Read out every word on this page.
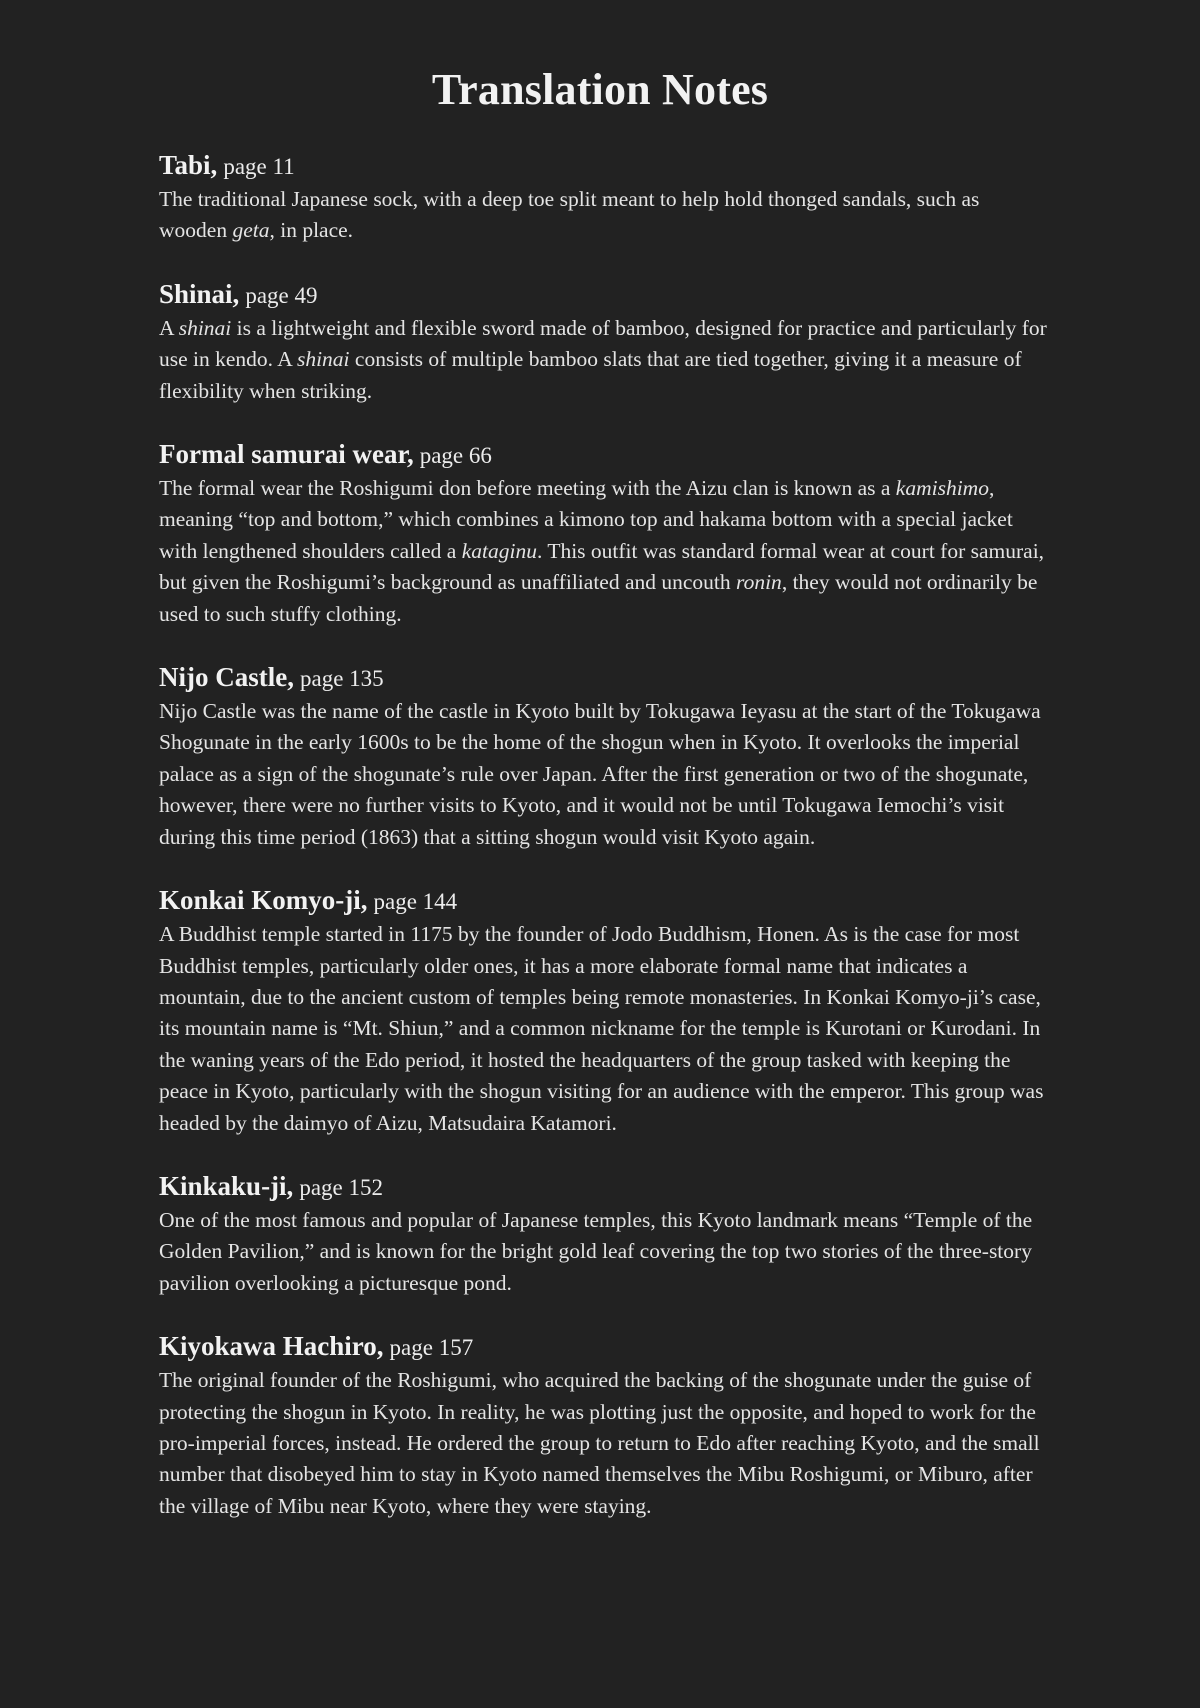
Translation Notes

Tabi, page 11

The traditional Japanese sock, with a deep toe split meant to help hold thonged sandals, such as wooden geta, in place.

Shinai, page 49

A shinai is a lightweight and flexible sword made of bamboo, designed for practice and particularly for use in kendo. A shinai consists of multiple bamboo slats that are tied together, giving it a measure of flexibility when striking.

Formal samurai wear, page 66

The formal wear the Roshigumi don before meeting with the Aizu clan is known as a kamishimo, meaning “top and bottom,” which combines a kimono top and hakama bottom with a special jacket with lengthened shoulders called a kataginu. This outfit was standard formal wear at court for samurai, but given the Roshigumi’s background as unaffiliated and uncouth ronin, they would not ordinarily be used to such stuffy clothing.

Nijo Castle, page 135

Nijo Castle was the name of the castle in Kyoto built by Tokugawa Ieyasu at the start of the Tokugawa Shogunate in the early 1600s to be the home of the shogun when in Kyoto. It overlooks the imperial palace as a sign of the shogunate’s rule over Japan. After the first generation or two of the shogunate, however, there were no further visits to Kyoto, and it would not be until Tokugawa Iemochi’s visit during this time period (1863) that a sitting shogun would visit Kyoto again.

Konkai Komyo-ji, page 144

A Buddhist temple started in 1175 by the founder of Jodo Buddhism, Honen. As is the case for most Buddhist temples, particularly older ones, it has a more elaborate formal name that indicates a mountain, due to the ancient custom of temples being remote monasteries. In Konkai Komyo-ji’s case, its mountain name is “Mt. Shiun,” and a common nickname for the temple is Kurotani or Kurodani. In the waning years of the Edo period, it hosted the headquarters of the group tasked with keeping the peace in Kyoto, particularly with the shogun visiting for an audience with the emperor. This group was headed by the daimyo of Aizu, Matsudaira Katamori.

Kinkaku-ji, page 152

One of the most famous and popular of Japanese temples, this Kyoto landmark means “Temple of the Golden Pavilion,” and is known for the bright gold leaf covering the top two stories of the three-story pavilion overlooking a picturesque pond.

Kiyokawa Hachiro, page 157

The original founder of the Roshigumi, who acquired the backing of the shogunate under the guise of protecting the shogun in Kyoto. In reality, he was plotting just the opposite, and hoped to work for the pro-imperial forces, instead. He ordered the group to return to Edo after reaching Kyoto, and the small number that disobeyed him to stay in Kyoto named themselves the Mibu Roshigumi, or Miburo, after the village of Mibu near Kyoto, where they were staying.
